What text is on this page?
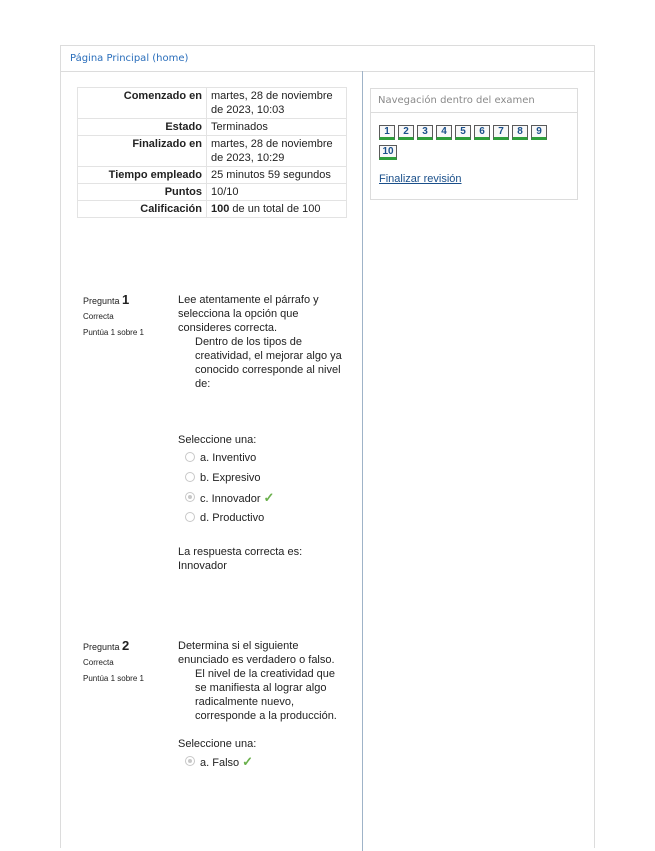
Página Principal (home)
Comenzado en	martes, 28 de noviembre de 2023, 10:03
Estado	Terminados
Finalizado en	martes, 28 de noviembre de 2023, 10:29
Tiempo empleado	25 minutos 59 segundos
Puntos	10/10
Calificación	100 de un total de 100
Pregunta 1
Correcta
Puntúa 1 sobre 1
Lee atentamente el párrafo y selecciona la opción que consideres correcta.
Dentro de los tipos de creatividad, el mejorar algo ya conocido corresponde al nivel de:
Seleccione una:
a. Inventivo
b. Expresivo
c. Innovador ✓
d. Productivo
La respuesta correcta es: Innovador
Pregunta 2
Correcta
Puntúa 1 sobre 1
Determina si el siguiente enunciado es verdadero o falso.
El nivel de la creatividad que se manifiesta al lograr algo radicalmente nuevo, corresponde a la producción.
Seleccione una:
a. Falso ✓
Navegación dentro del examen
1 2 3 4 5 6 7 8 9
10
Finalizar revisión
